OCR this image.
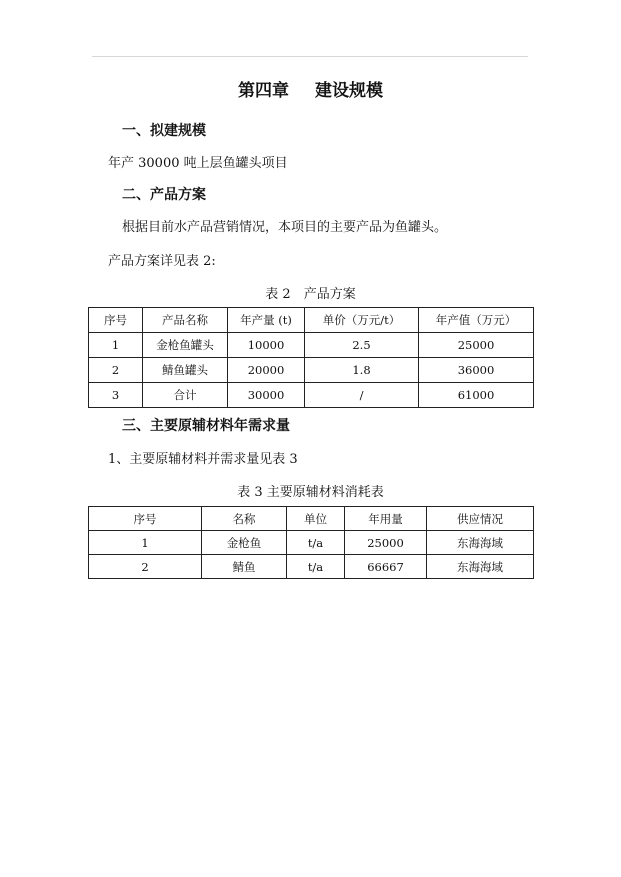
第四章 建设规模
一、拟建规模
年产 30000 吨上层鱼罐头项目
二、产品方案
根据目前水产品营销情况，本项目的主要产品为鱼罐头。
产品方案详见表 2:
表 2　产品方案
序号	产品名称	年产量 (t)	单价（万元/t）	年产值（万元）
1	金枪鱼罐头	10000	2.5	25000
2	鲭鱼罐头	20000	1.8	36000
3	合计	30000	/	61000
三、主要原辅材料年需求量
1、主要原辅材料并需求量见表 3
表 3 主要原辅材料消耗表
序号	名称	单位	年用量	供应情况
1	金枪鱼	t/a	25000	东海海域
2	鲭鱼	t/a	66667	东海海域
